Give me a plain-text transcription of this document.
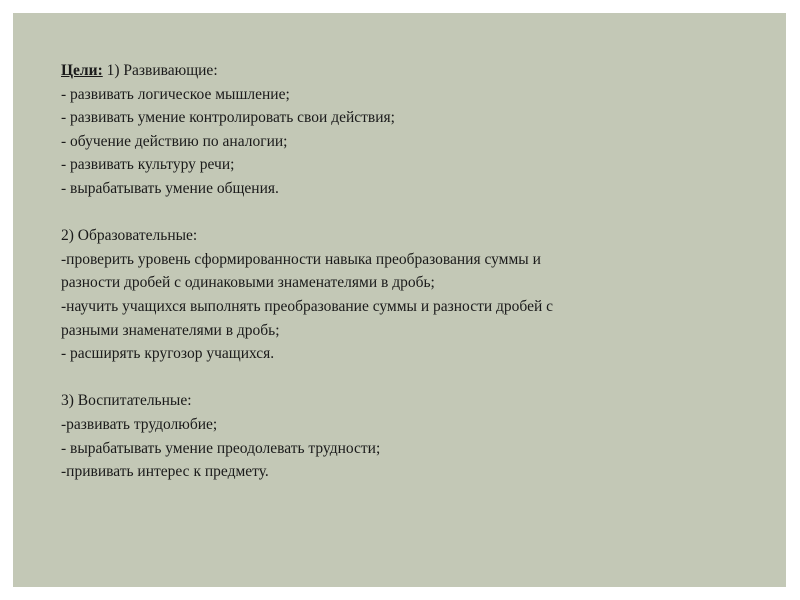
Цели: 1) Развивающие:
- развивать логическое мышление;
- развивать умение контролировать свои действия;
- обучение действию по аналогии;
- развивать культуру речи;
- вырабатывать умение общения.
2) Образовательные:
-проверить уровень сформированности навыка преобразования суммы и
разности дробей с одинаковыми знаменателями в дробь;
-научить учащихся выполнять преобразование суммы и разности дробей с
разными знаменателями в дробь;
- расширять кругозор учащихся.
3) Воспитательные:
-развивать трудолюбие;
- вырабатывать умение преодолевать трудности;
-прививать интерес к предмету.
